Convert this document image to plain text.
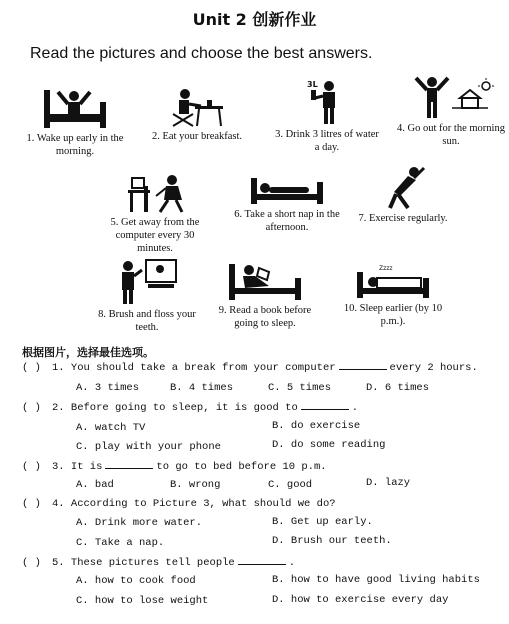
Unit 2 创新作业
Read the pictures and choose the best answers.
1. Wake up early in the morning.
2. Eat your breakfast.
3L
3. Drink 3 litres of water a day.
4. Go out for the morning sun.
5. Get away from the computer every 30 minutes.
6. Take a short nap in the afternoon.
7. Exercise regularly.
8. Brush and floss your teeth.
9. Read a book before going to sleep.
Zzzz
10. Sleep earlier (by 10 p.m.).
根据图片，选择最佳选项。
( ) 1. You should take a break from your computer	every 2 hours.
A. 3 times	B. 4 times	C. 5 times	D. 6 times
( ) 2. Before going to sleep, it is good to	.
A. watch TV	B. do exercise
C. play with your phone	D. do some reading
( ) 3. It is	to go to bed before 10 p.m.
A. bad	B. wrong	C. good	D. lazy
( ) 4. According to Picture 3, what should we do?
A. Drink more water.	B. Get up early.
C. Take a nap.	D. Brush our teeth.
( ) 5. These pictures tell people	.
A. how to cook food	B. how to have good living habits
C. how to lose weight	D. how to exercise every day
